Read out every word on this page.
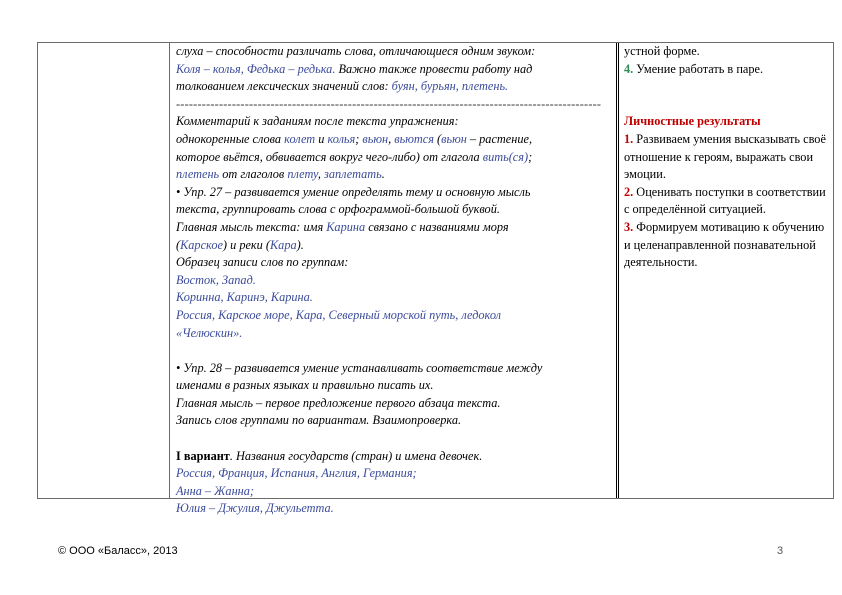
слуха – способности различать слова, отличающиеся одним звуком:

Коля – колья, Федька – редька. Важно также провести работу над

толкованием лексических значений слов: буян, бурьян, плетень.

---------------------------------------------------------------------------------------------------

Комментарий к заданиям после текста упражнения:

однокоренные слова колет и колья; вьюн, вьются (вьюн – растение,

которое вьётся, обвивается вокруг чего-либо) от глагола вить(ся);

плетень от глаголов плету, заплетать.

• Упр. 27 – развивается умение определять тему и основную мысль

текста, группировать слова с орфограммой-большой буквой.

Главная мысль текста: имя Карина связано с названиями моря

(Карское) и реки (Кара).

Образец записи слов по группам:

Восток, Запад.

Коринна, Каринэ, Карина.

Россия, Карское море, Кара, Северный морской путь, ледокол

«Челюскин».

• Упр. 28 – развивается умение устанавливать соответствие между

именами в разных языках и правильно писать их.

Главная мысль – первое предложение первого абзаца текста.

Запись слов группами по вариантам. Взаимопроверка.

I вариант. Названия государств (стран) и имена девочек.

Россия, Франция, Испания, Англия, Германия;

Анна – Жанна;

Юлия – Джулия, Джульетта.

устной форме.

4. Умение работать в паре.

Личностные результаты

1. Развиваем умения высказывать своё отношение к героям, выражать свои эмоции.

2. Оценивать поступки в соответствии с определённой ситуацией.

3. Формируем мотивацию к обучению и целенаправленной познавательной деятельности.

© ООО «Баласс», 2013	3
